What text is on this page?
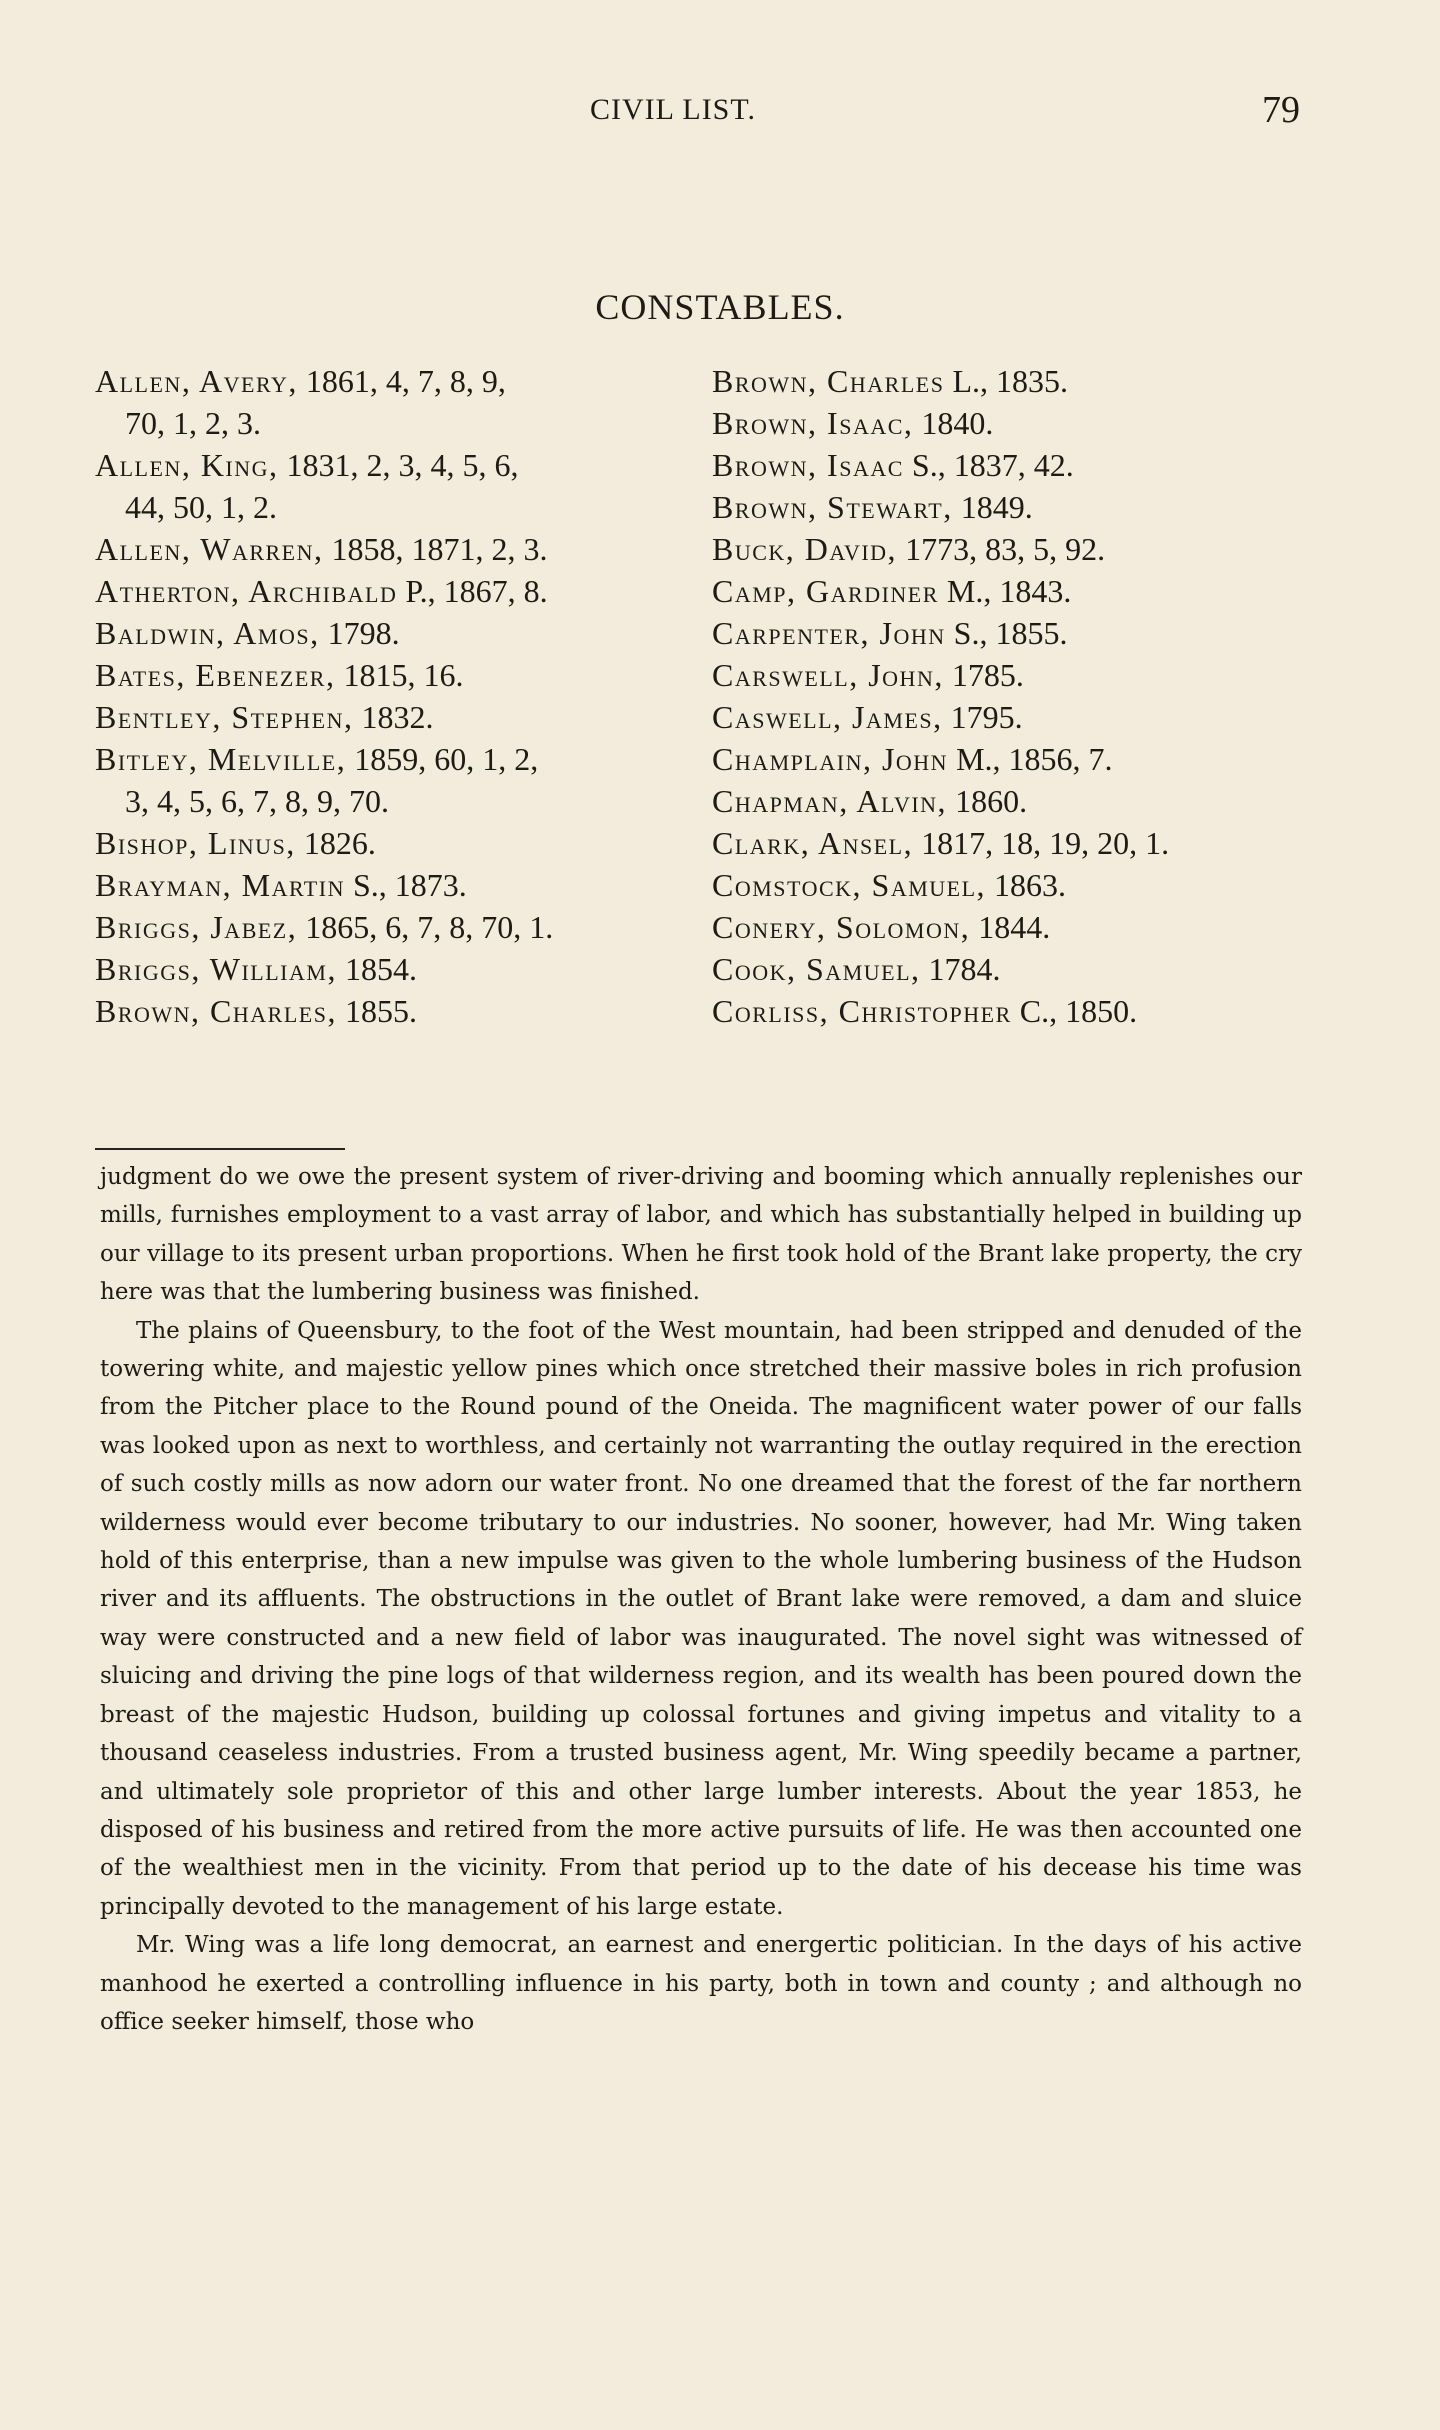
CIVIL LIST.	79
CONSTABLES.
Allen, Avery, 1861, 4, 7, 8, 9,
70, 1, 2, 3.
Allen, King, 1831, 2, 3, 4, 5, 6,
44, 50, 1, 2.
Allen, Warren, 1858, 1871, 2, 3.
Atherton, Archibald P., 1867, 8.
Baldwin, Amos, 1798.
Bates, Ebenezer, 1815, 16.
Bentley, Stephen, 1832.
Bitley, Melville, 1859, 60, 1, 2,
3, 4, 5, 6, 7, 8, 9, 70.
Bishop, Linus, 1826.
Brayman, Martin S., 1873.
Briggs, Jabez, 1865, 6, 7, 8, 70, 1.
Briggs, William, 1854.
Brown, Charles, 1855.
Brown, Charles L., 1835.
Brown, Isaac, 1840.
Brown, Isaac S., 1837, 42.
Brown, Stewart, 1849.
Buck, David, 1773, 83, 5, 92.
Camp, Gardiner M., 1843.
Carpenter, John S., 1855.
Carswell, John, 1785.
Caswell, James, 1795.
Champlain, John M., 1856, 7.
Chapman, Alvin, 1860.
Clark, Ansel, 1817, 18, 19, 20, 1.
Comstock, Samuel, 1863.
Conery, Solomon, 1844.
Cook, Samuel, 1784.
Corliss, Christopher C., 1850.

judgment do we owe the present system of river-driving and booming which annually replenishes our mills, furnishes employment to a vast array of labor, and which has substantially helped in building up our village to its present urban proportions. When he first took hold of the Brant lake property, the cry here was that the lumbering business was finished.

The plains of Queensbury, to the foot of the West mountain, had been stripped and denuded of the towering white, and majestic yellow pines which once stretched their massive boles in rich profusion from the Pitcher place to the Round pound of the Oneida. The magnificent water power of our falls was looked upon as next to worthless, and certainly not warranting the outlay required in the erection of such costly mills as now adorn our water front. No one dreamed that the forest of the far northern wilderness would ever become tributary to our industries. No sooner, however, had Mr. Wing taken hold of this enterprise, than a new impulse was given to the whole lumbering business of the Hudson river and its affluents. The obstructions in the outlet of Brant lake were removed, a dam and sluice way were constructed and a new field of labor was inaugurated. The novel sight was witnessed of sluicing and driving the pine logs of that wilderness region, and its wealth has been poured down the breast of the majestic Hudson, building up colossal fortunes and giving impetus and vitality to a thousand ceaseless industries. From a trusted business agent, Mr. Wing speedily became a partner, and ultimately sole proprietor of this and other large lumber interests. About the year 1853, he disposed of his business and retired from the more active pursuits of life. He was then accounted one of the wealthiest men in the vicinity. From that period up to the date of his decease his time was principally devoted to the management of his large estate.

Mr. Wing was a life long democrat, an earnest and energertic politician. In the days of his active manhood he exerted a controlling influence in his party, both in town and county ; and although no office seeker himself, those who
